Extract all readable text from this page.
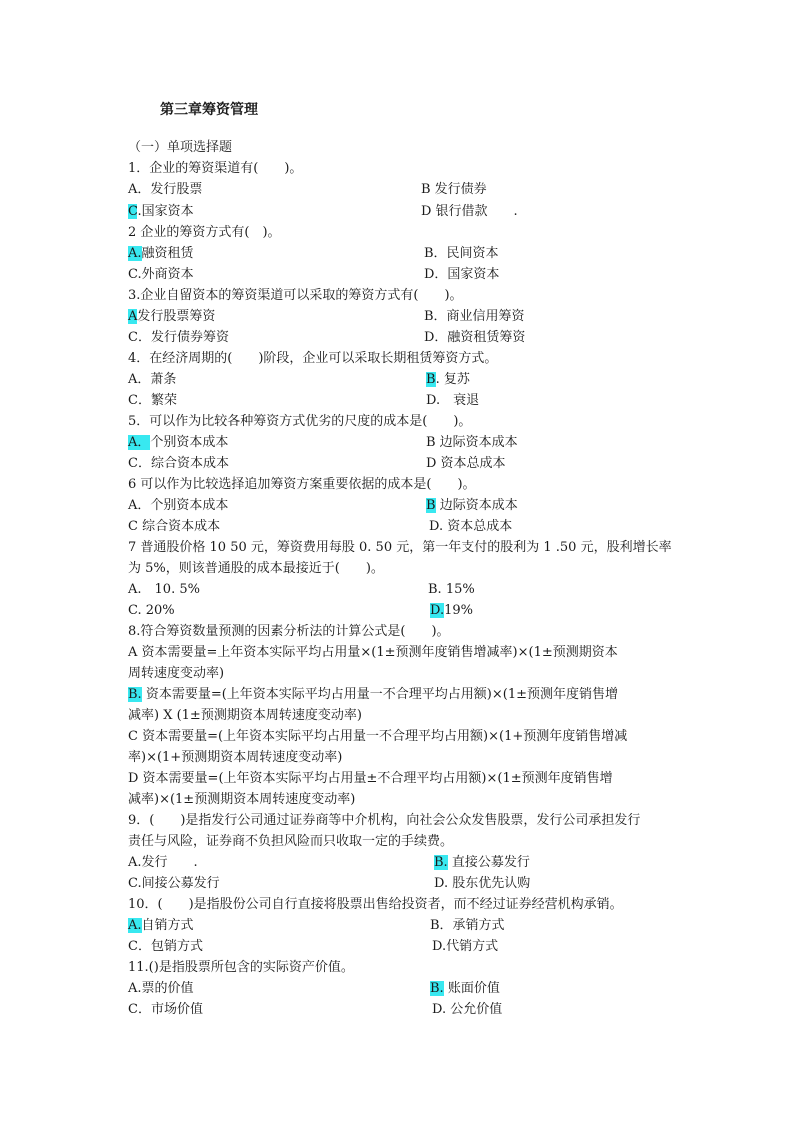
第三章筹资管理
（一）单项选择题
1．企业的筹资渠道有(　　)。
A．发行股票	B 发行债券
C.国家资本	D 银行借款　　.
2 企业的筹资方式有(　)。
A.融资租赁	B．民间资本
C.外商资本	D．国家资本
3.企业自留资本的筹资渠道可以采取的筹资方式有(　　)。
A发行股票筹资	B．商业信用筹资
C．发行债券筹资	D．融资租赁筹资
4．在经济周期的(　　)阶段，企业可以采取长期租赁筹资方式。
A．萧条	B. 复苏
C．繁荣	D.　衰退
5．可以作为比较各种筹资方式优劣的尺度的成本是(　　)。
A．个别资本成本	B 边际资本成本
C．综合资本成本	D 资本总成本
6 可以作为比较选择追加筹资方案重要依据的成本是(　　)。
A．个别资本成本	B 边际资本成本
C 综合资本成本	D. 资本总成本
7 普通股价格 10 50 元，筹资费用每股 0. 50 元，第一年支付的股利为 1 .50 元，股利增长率
为 5%，则该普通股的成本最接近于(　　)。
A.　10. 5%	B. 15%
C. 20%	D.19%
8.符合筹资数量预测的因素分析法的计算公式是(　　)。
A 资本需要量=上年资本实际平均占用量×(1±预测年度销售增减率)×(1±预测期资本
周转速度变动率)
B. 资本需要量=(上年资本实际平均占用量一不合理平均占用额)×(1±预测年度销售增
减率) X (1±预测期资本周转速度变动率)
C 资本需要量=(上年资本实际平均占用量一不合理平均占用额)×(1+预测年度销售增减
率)×(1+预测期资本周转速度变动率)
D 资本需要量=(上年资本实际平均占用量±不合理平均占用额)×(1±预测年度销售增
减率)×(1±预测期资本周转速度变动率)
9．(　　)是指发行公司通过证券商等中介机构，向社会公众发售股票，发行公司承担发行
责任与风险，证券商不负担风险而只收取一定的手续费。
A.发行　　.	B. 直接公募发行
C.间接公募发行	D. 股东优先认购
10．(　　)是指股份公司自行直接将股票出售给投资者，而不经过证券经营机构承销。
A.自销方式	B．承销方式
C．包销方式	D.代销方式
11.()是指股票所包含的实际资产价值。
A.票的价值	B. 账面价值
C．市场价值	D. 公允价值
